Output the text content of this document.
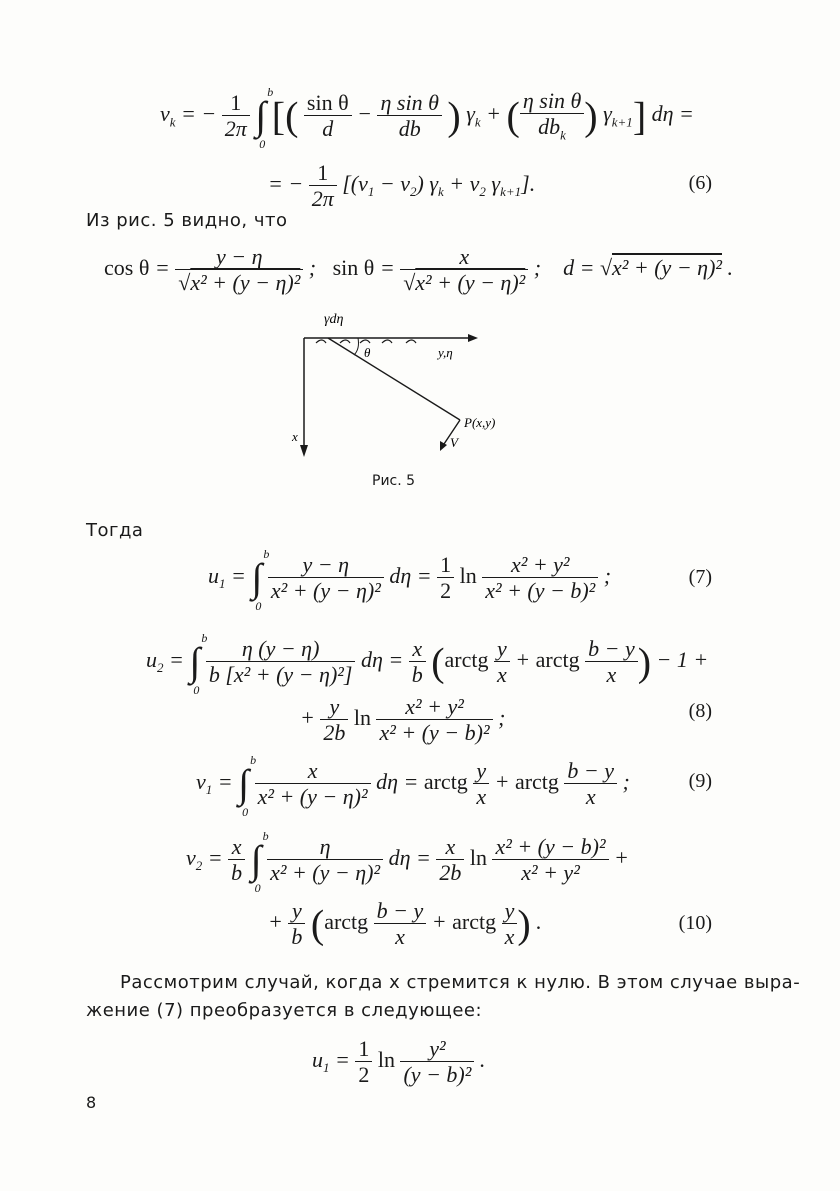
$v_k$ = − $\frac{1}{2\pi}$ ∫
b
0
[( $\frac{\text{sin θ}}{d} - \frac{\text{η sin θ}}{db}$ ) $\gamma_k$ + ( $\frac{\text{η sin θ}}{db_k}$ ) $\gamma_{k+1}$] dη =
= − $\frac{1}{2\pi} [(v_1 - v_2) \gamma_k + v_2$ $\gamma_{k+1}$].	(6)
Из рис. 5 видно, что
$\cos \theta = \frac{y - \eta}{\text{√x² + (y − η)²}}$ ;   $\sin \theta = \frac{x}{\text{√x² + (y − η)²}}$ ;    d = √x² + (y − η)² .
γdη
y,η
θ
P(x,y)
V
x
Рис. 5
Тогда
$u_1$ = ∫
b
0

$\frac{y - \eta}{\text{x² + (y − η)²}}$ $d\eta = \frac{1}{2}$ $\ln \frac{\text{x² + y²}}{\text{x² + (y − b)²}}$ ;	(7)
$u_2$ = ∫
b
0

$\frac{\eta (y - \eta)}{\text{b [x² + (y − η)²]}}$ $d\eta = \frac{x}{b}$ (arctg $\frac{y}{x}$ + arctg $\frac{b - y}{x}$ ) − 1 +
+ $\frac{y}{2b}$ $\ln \frac{\text{x² + y²}}{\text{x² + (y − b)²}}$ ;	(8)
$v_1$ = ∫
b
0

$\frac{x}{\text{x² + (y − η)²}}$ dη = arctg $\frac{y}{x}$ + arctg $\frac{b - y}{x}$ ;	(9)
$v_2 = \frac{x}{b}$ ∫
b
0

$\frac{\eta}{\text{x² + (y − η)²}}$ $d\eta = \frac{x}{2b}$ $\ln \frac{\text{x² + (y − b)²}}{\text{x² + y²}}$ +
+ $\frac{y}{b}$ (arctg $\frac{b - y}{x}$ + arctg $\frac{y}{x}$ ) .	(10)
Рассмотрим случай, когда x стремится к нулю. В этом случае выра-
жение (7) преобразуется в следующее:
$u_1 = \frac{1}{2}$ $\ln \frac{\text{y²}}{\text{(y − b)²}}$ .
8
